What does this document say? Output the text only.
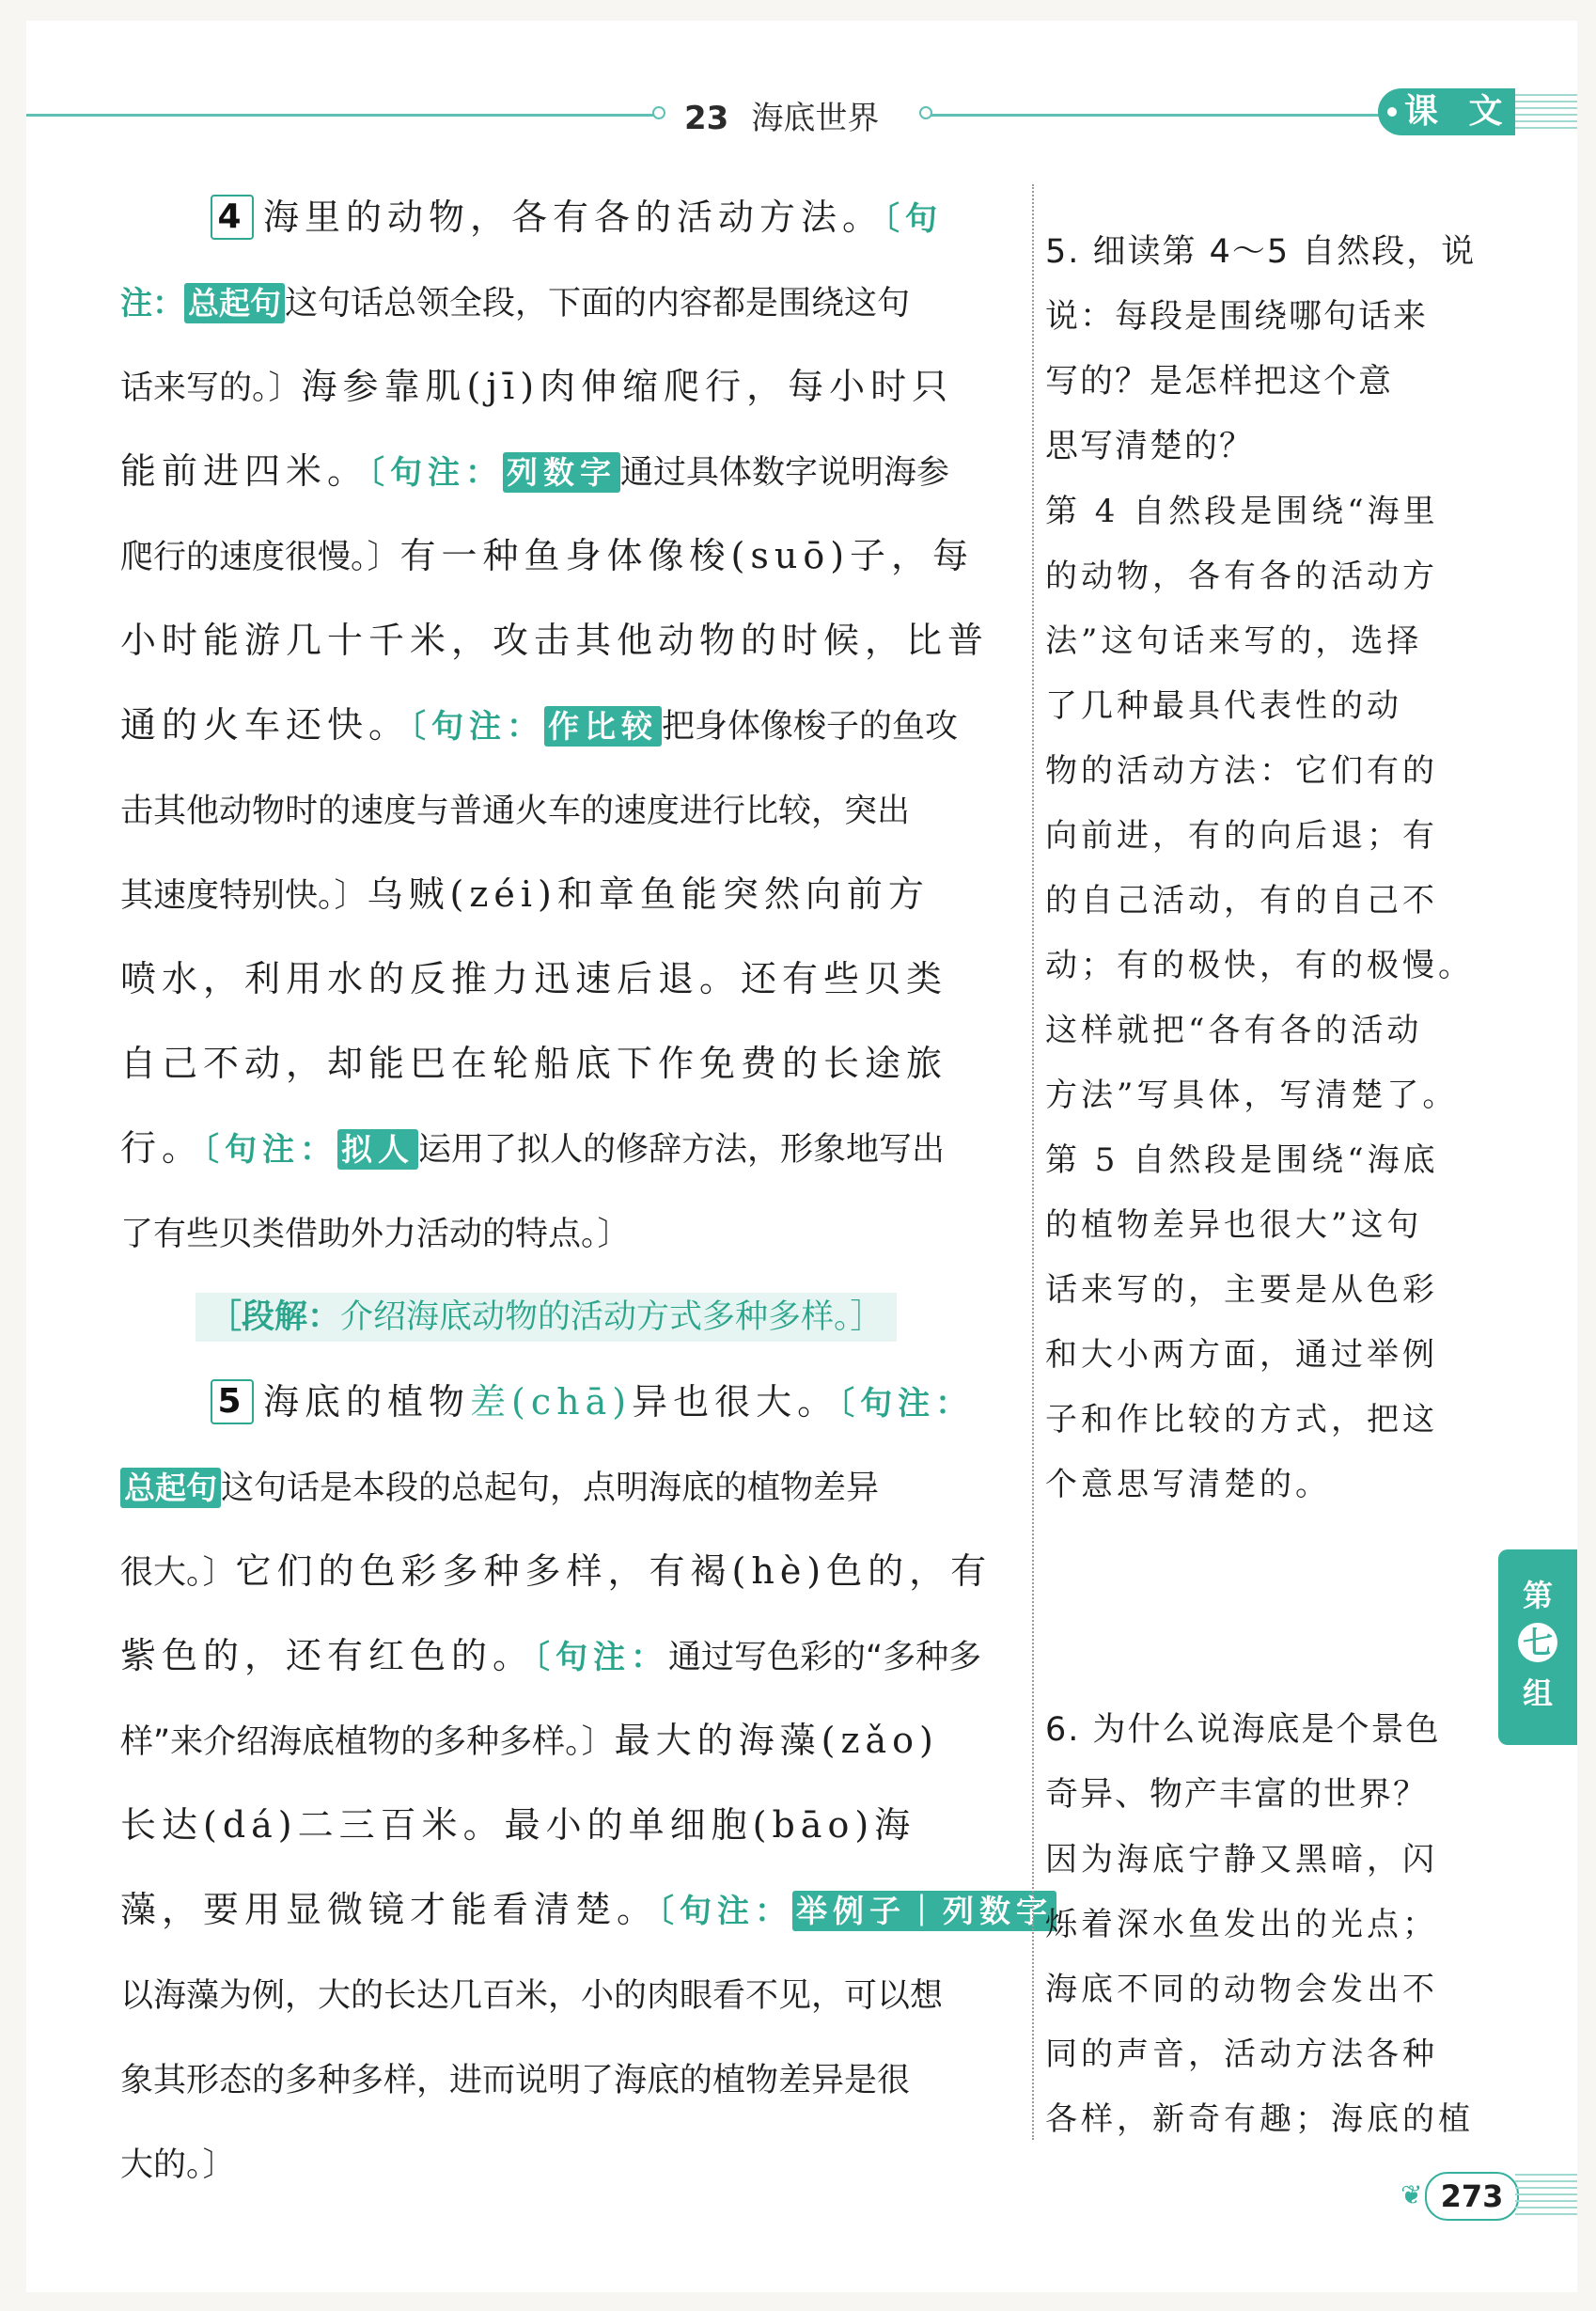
23 海底世界	课 文
4 海里的动物，各有各的活动方法。〔句
注： 总起句 这句话总领全段，下面的内容都是围绕这句
话来写的。〕海参靠肌(jī)肉伸缩爬行，每小时只
能前进四米。〔句注： 列数字 通过具体数字说明海参
爬行的速度很慢。〕有一种鱼身体像梭(suō)子，每
小时能游几十千米，攻击其他动物的时候，比普
通的火车还快。〔句注： 作比较 把身体像梭子的鱼攻
击其他动物时的速度与普通火车的速度进行比较，突出
其速度特别快。〕乌贼(zéi)和章鱼能突然向前方
喷水，利用水的反推力迅速后退。还有些贝类
自己不动，却能巴在轮船底下作免费的长途旅
行。〔句注： 拟人 运用了拟人的修辞方法，形象地写出
了有些贝类借助外力活动的特点。〕
［段解：介绍海底动物的活动方式多种多样。］
5 海底的植物差(chā)异也很大。〔句注：
总起句 这句话是本段的总起句，点明海底的植物差异
很大。〕它们的色彩多种多样，有褐(hè)色的，有
紫色的，还有红色的。〔句注：通过写色彩的“多种多
样”来介绍海底植物的多种多样。〕最大的海藻(zǎo)
长达(dá)二三百米。最小的单细胞(bāo)海
藻，要用显微镜才能看清楚。〔句注： 举例子｜列数字
以海藻为例，大的长达几百米，小的肉眼看不见，可以想
象其形态的多种多样，进而说明了海底的植物差异是很
大的。〕
5. 细读第 4～5 自然段，说
说：每段是围绕哪句话来
写的？是怎样把这个意
思写清楚的？
第 4 自然段是围绕“海里
的动物，各有各的活动方
法”这句话来写的，选择
了几种最具代表性的动
物的活动方法：它们有的
向前进，有的向后退；有
的自己活动，有的自己不
动；有的极快，有的极慢。
这样就把“各有各的活动
方法”写具体，写清楚了。
第 5 自然段是围绕“海底
的植物差异也很大”这句
话来写的，主要是从色彩
和大小两方面，通过举例
子和作比较的方式，把这
个意思写清楚的。
6. 为什么说海底是个景色
奇异、物产丰富的世界？
因为海底宁静又黑暗，闪
烁着深水鱼发出的光点；
海底不同的动物会发出不
同的声音，活动方法各种
各样，新奇有趣；海底的植
第
七
组
❦ 273
